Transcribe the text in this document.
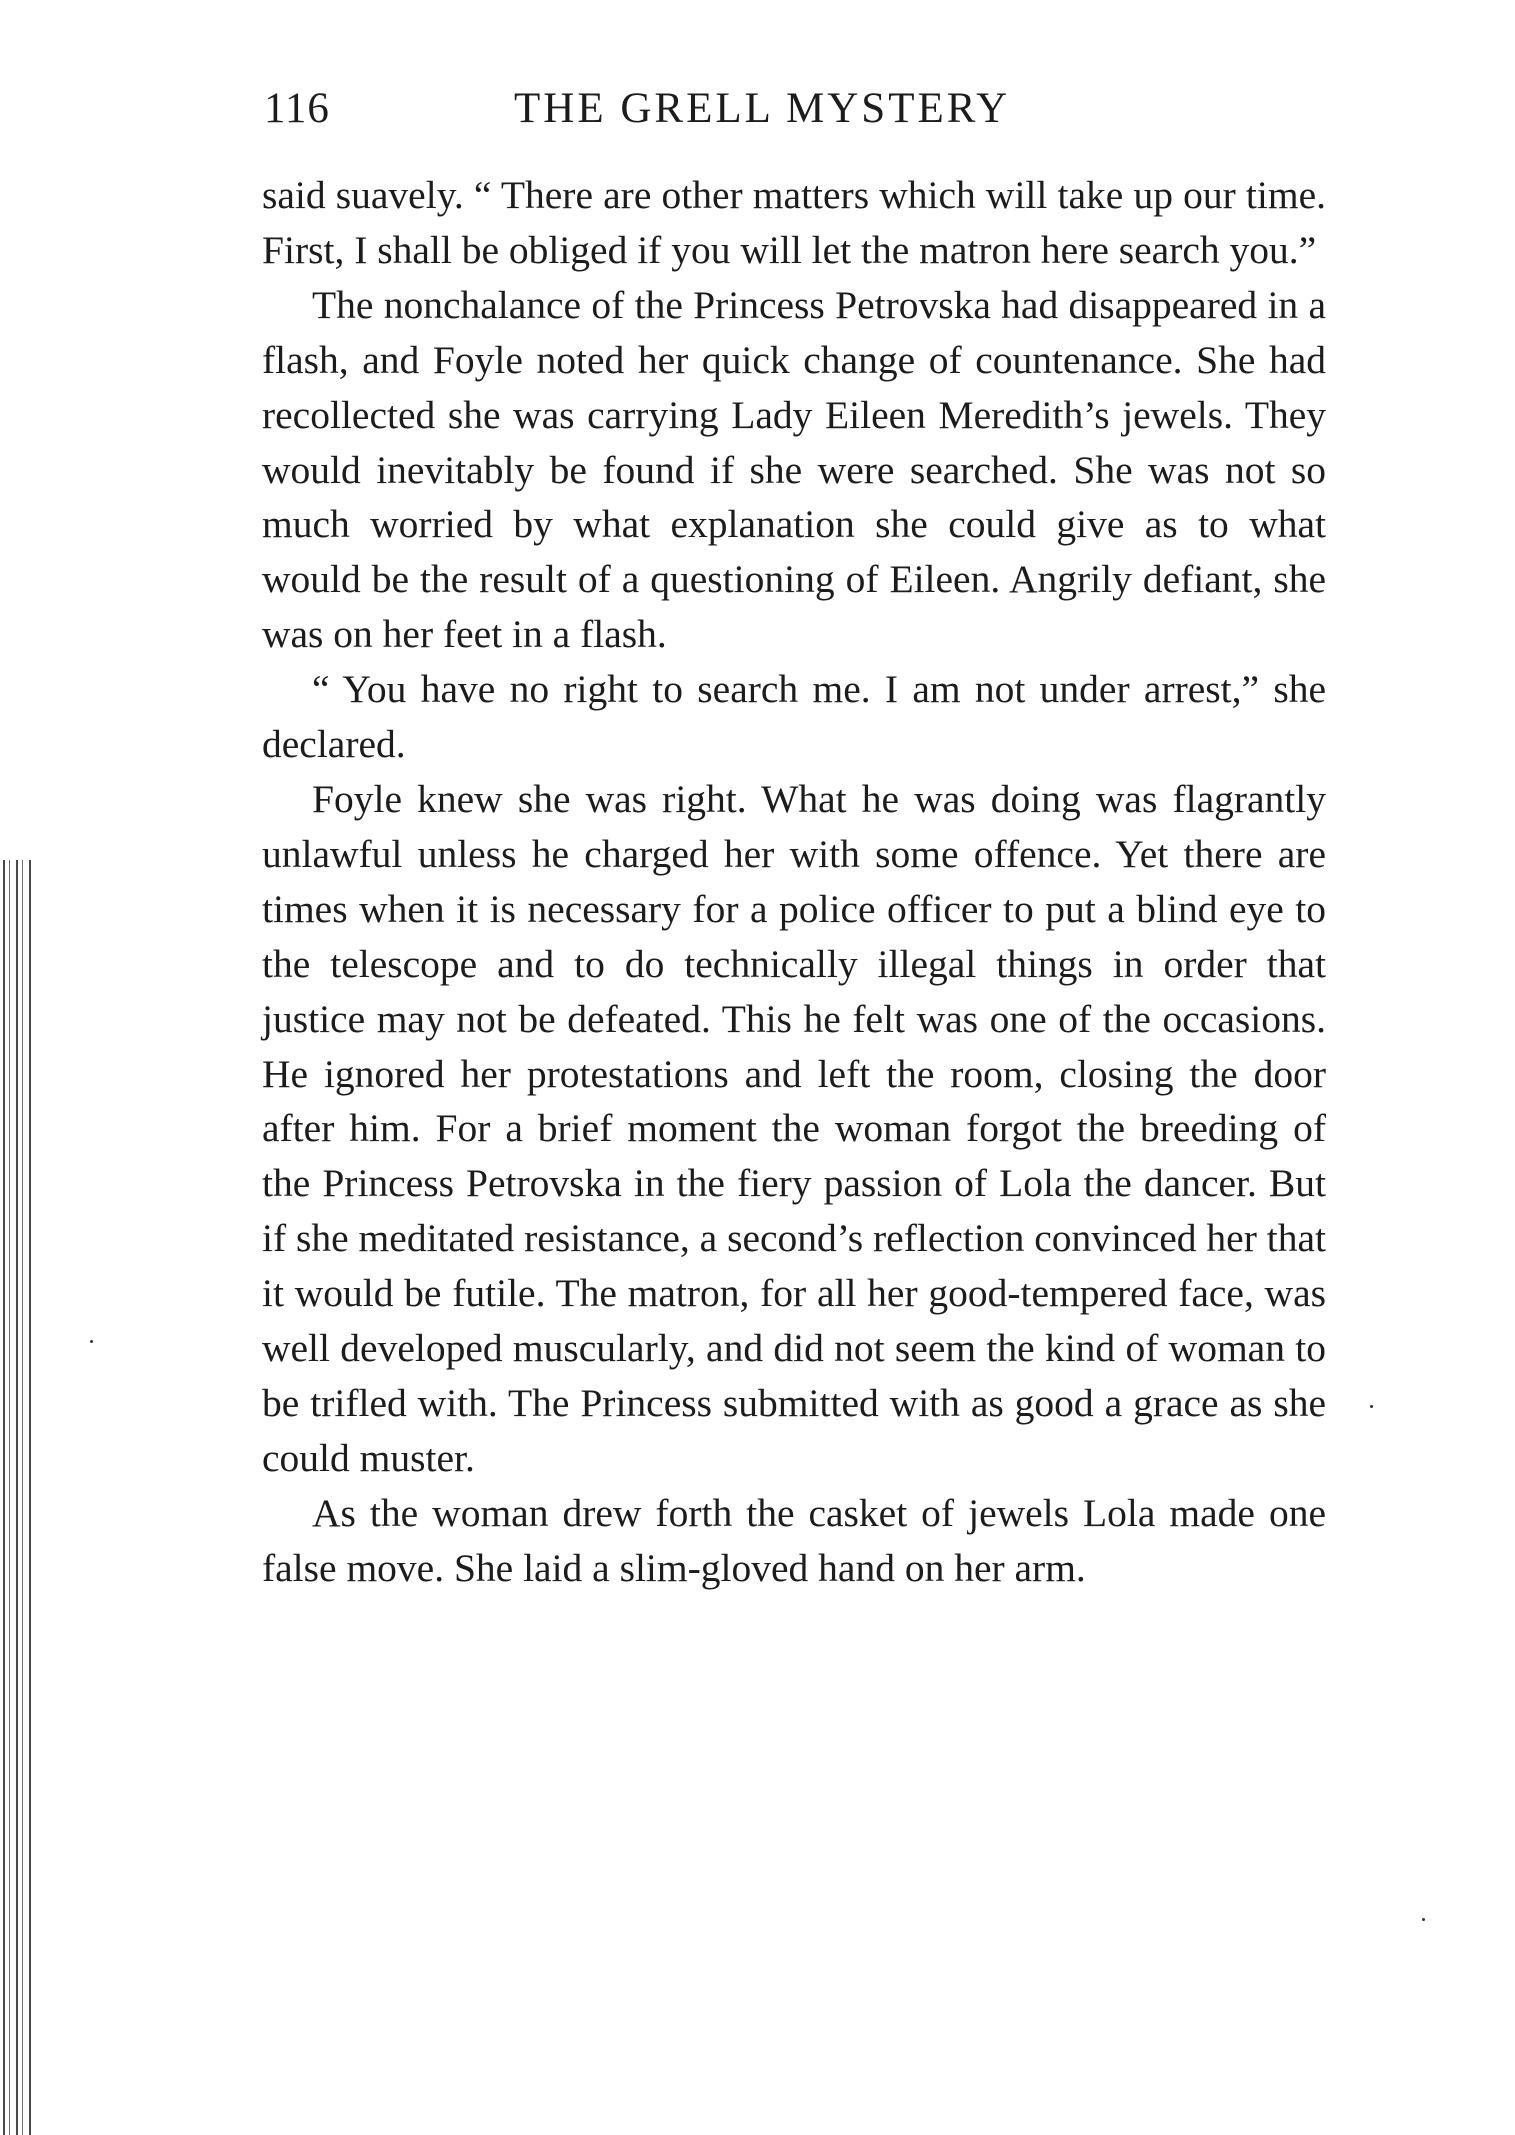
116	THE GRELL MYSTERY

said suavely. “ There are other matters which will take up our time. First, I shall be obliged if you will let the matron here search you.”

The nonchalance of the Princess Petrovska had disappeared in a flash, and Foyle noted her quick change of countenance. She had recollected she was carrying Lady Eileen Meredith’s jewels. They would inevitably be found if she were searched. She was not so much worried by what explanation she could give as to what would be the result of a questioning of Eileen. Angrily defiant, she was on her feet in a flash.

“ You have no right to search me. I am not under arrest,” she declared.

Foyle knew she was right. What he was doing was flagrantly unlawful unless he charged her with some offence. Yet there are times when it is necessary for a police officer to put a blind eye to the telescope and to do technically illegal things in order that justice may not be defeated. This he felt was one of the occasions. He ignored her protestations and left the room, closing the door after him. For a brief moment the woman forgot the breeding of the Princess Petrovska in the fiery passion of Lola the dancer. But if she meditated resistance, a second’s reflection convinced her that it would be futile. The matron, for all her good-tempered face, was well developed muscularly, and did not seem the kind of woman to be trifled with. The Princess submitted with as good a grace as she could muster.

As the woman drew forth the casket of jewels Lola made one false move. She laid a slim-gloved hand on her arm.
